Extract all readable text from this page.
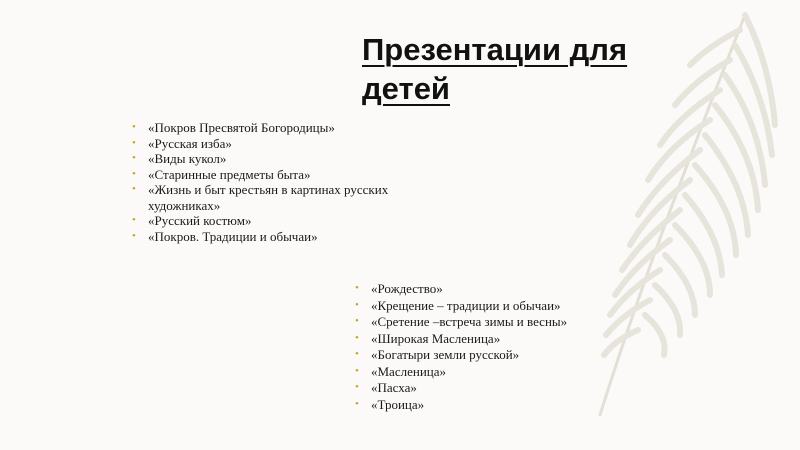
Презентации для детей
• «Покров Пресвятой Богородицы»
• «Русская изба»
• «Виды кукол»
• «Старинные предметы быта»
• «Жизнь и быт крестьян в картинах русских художниках»
• «Русский костюм»
• «Покров. Традиции и обычаи»
• «Рождество»
• «Крещение – традиции и обычаи»
• «Сретение –встреча зимы и весны»
• «Широкая Масленица»
• «Богатыри земли русской»
• «Масленица»
• «Пасха»
• «Троица»
